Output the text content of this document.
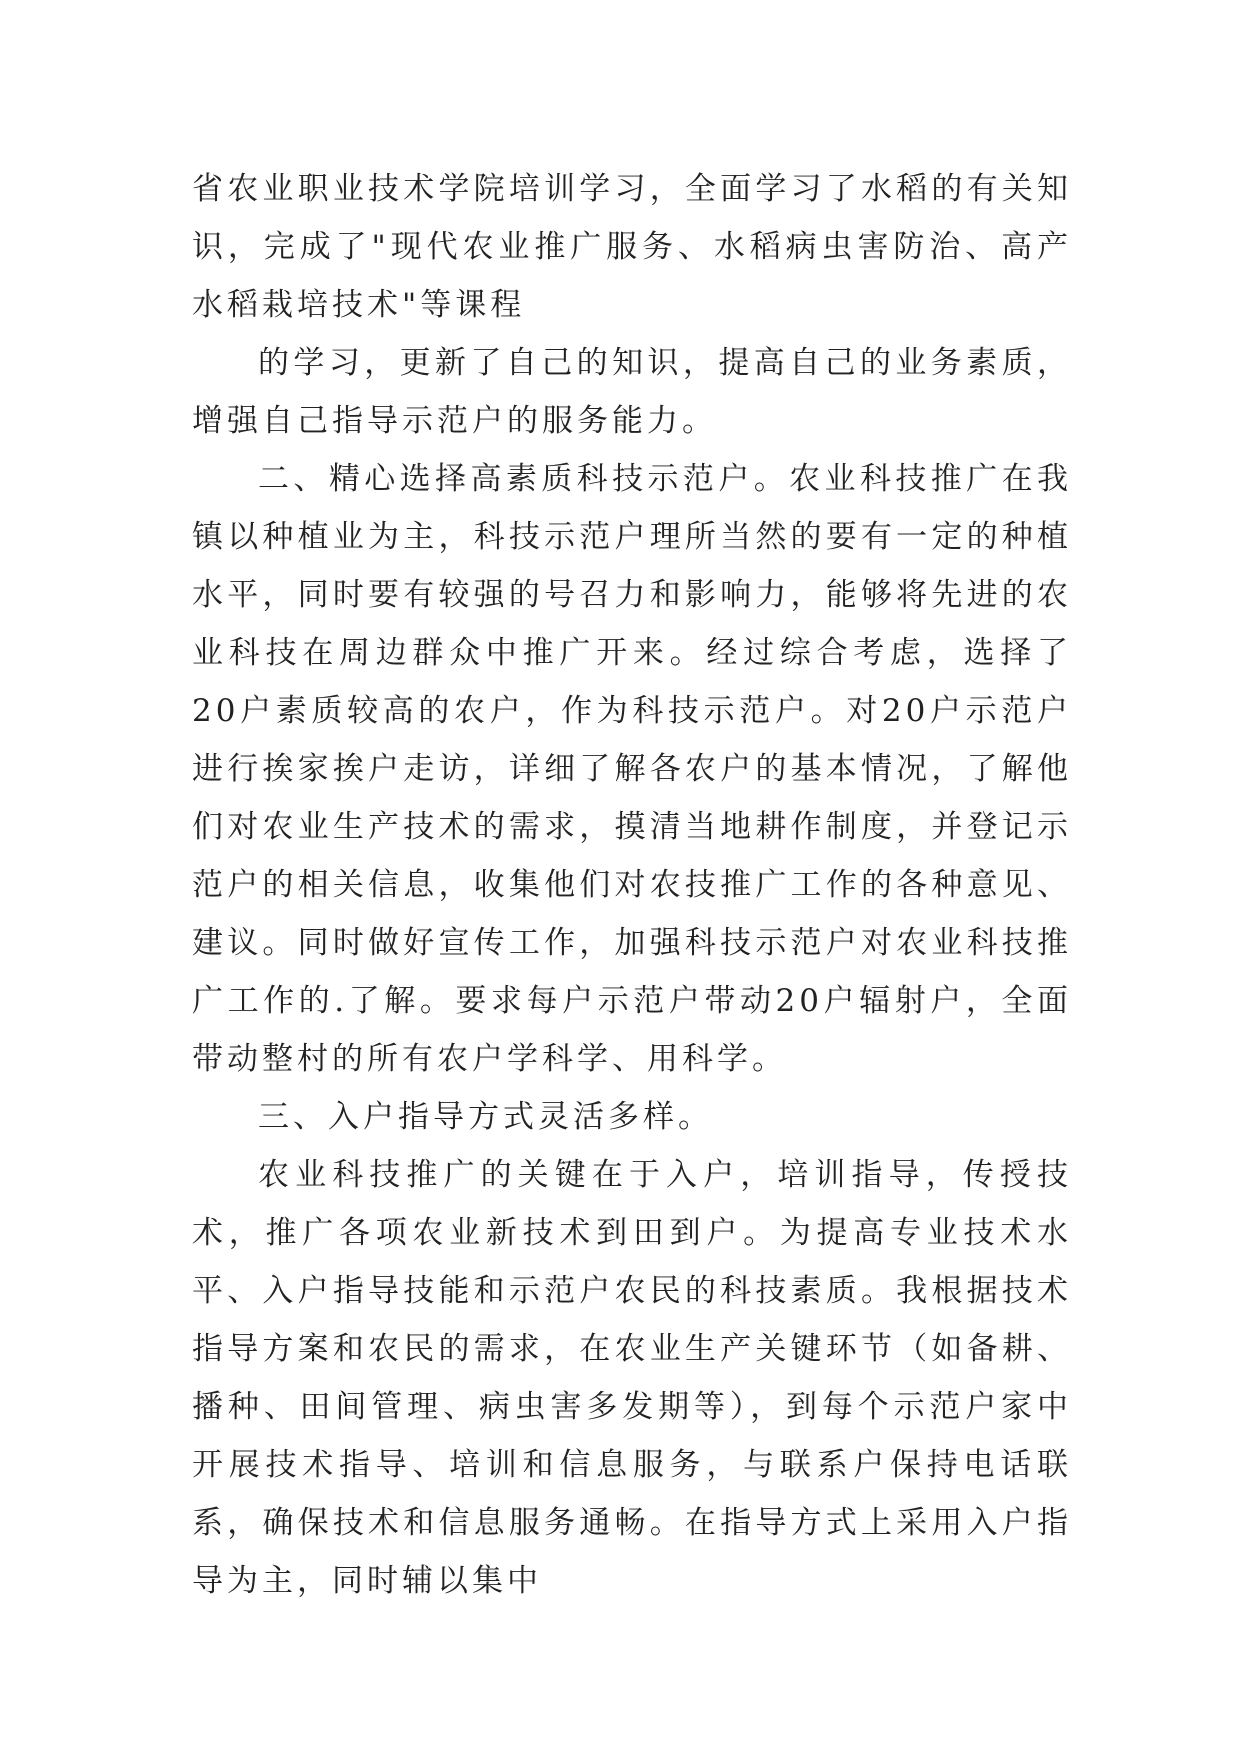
省农业职业技术学院培训学习，全面学习了水稻的有关知识，完成了"现代农业推广服务、水稻病虫害防治、高产水稻栽培技术"等课程

的学习，更新了自己的知识，提高自己的业务素质，增强自己指导示范户的服务能力。

二、精心选择高素质科技示范户。农业科技推广在我镇以种植业为主，科技示范户理所当然的要有一定的种植水平，同时要有较强的号召力和影响力，能够将先进的农业科技在周边群众中推广开来。经过综合考虑，选择了20户素质较高的农户，作为科技示范户。对20户示范户进行挨家挨户走访，详细了解各农户的基本情况，了解他们对农业生产技术的需求，摸清当地耕作制度，并登记示范户的相关信息，收集他们对农技推广工作的各种意见、建议。同时做好宣传工作，加强科技示范户对农业科技推广工作的.了解。要求每户示范户带动20户辐射户，全面带动整村的所有农户学科学、用科学。

三、入户指导方式灵活多样。

农业科技推广的关键在于入户，培训指导，传授技术，推广各项农业新技术到田到户。为提高专业技术水平、入户指导技能和示范户农民的科技素质。我根据技术指导方案和农民的需求，在农业生产关键环节（如备耕、播种、田间管理、病虫害多发期等），到每个示范户家中开展技术指导、培训和信息服务，与联系户保持电话联系，确保技术和信息服务通畅。在指导方式上采用入户指导为主，同时辅以集中
